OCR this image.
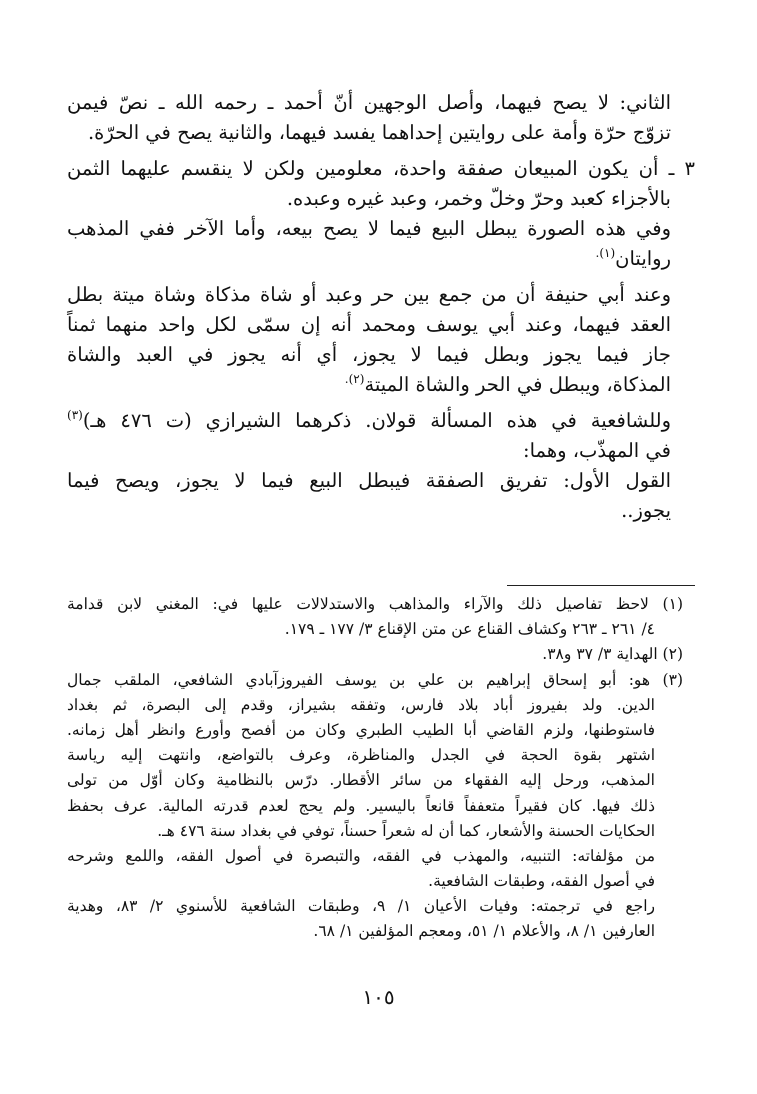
الثاني: لا يصح فيهما، وأصل الوجهين أنّ أحمد ـ رحمه الله ـ نصّ فيمن
تزوّج حرّة وأمة على روايتين إحداهما يفسد فيهما، والثانية يصح في الحرّة.
٣ ـ أن يكون المبيعان صفقة واحدة، معلومين ولكن لا ينقسم عليهما الثمن
بالأجزاء كعبد وحرّ وخلّ وخمر، وعبد غيره وعبده.
وفي هذه الصورة يبطل البيع فيما لا يصح بيعه، وأما الآخر ففي المذهب
روايتان$^{(١).}$
وعند أبي حنيفة أن من جمع بين حر وعبد أو شاة مذكاة وشاة ميتة بطل
العقد فيهما، وعند أبي يوسف ومحمد أنه إن سمّى لكل واحد منهما ثمناً
جاز فيما يجوز وبطل فيما لا يجوز، أي أنه يجوز في العبد والشاة
المذكاة، ويبطل في الحر والشاة الميتة$^{(٢).}$
وللشافعية في هذه المسألة قولان. ذكرهما الشيرازي (ت ٤٧٦ هـ)$^{(٣)}$
في المهذّب، وهما:
القول الأول: تفريق الصفقة فيبطل البيع فيما لا يجوز، ويصح فيما
يجوز..
(١) لاحظ تفاصيل ذلك والآراء والمذاهب والاستدلالات عليها في: المغني لابن قدامة
٤/ ٢٦١ ـ ٢٦٣ وكشاف القناع عن متن الإقناع ٣/ ١٧٧ ـ ١٧٩.
(٢) الهداية ٣/ ٣٧ و٣٨.
(٣) هو: أبو إسحاق إبراهيم بن علي بن يوسف الفيروزآبادي الشافعي، الملقب جمال
الدين. ولد بفيروز أباد بلاد فارس، وتفقه بشيراز، وقدم إلى البصرة، ثم بغداد
فاستوطنها، ولزم القاضي أبا الطيب الطبري وكان من أفصح وأورع وانظر أهل زمانه.
اشتهر بقوة الحجة في الجدل والمناظرة، وعرف بالتواضع، وانتهت إليه رياسة
المذهب، ورحل إليه الفقهاء من سائر الأقطار. درّس بالنظامية وكان أوّل من تولى
ذلك فيها. كان فقيراً متعففاً قانعاً باليسير. ولم يحج لعدم قدرته المالية. عرف بحفظ
الحكايات الحسنة والأشعار، كما أن له شعراً حسناً، توفي في بغداد سنة ٤٧٦ هـ.
من مؤلفاته: التنبيه، والمهذب في الفقه، والتبصرة في أصول الفقه، واللمع وشرحه
في أصول الفقه، وطبقات الشافعية.
راجع في ترجمته: وفيات الأعيان ١/ ٩، وطبقات الشافعية للأسنوي ٢/ ٨٣، وهدية
العارفين ١/ ٨، والأعلام ١/ ٥١، ومعجم المؤلفين ١/ ٦٨.
١٠٥
